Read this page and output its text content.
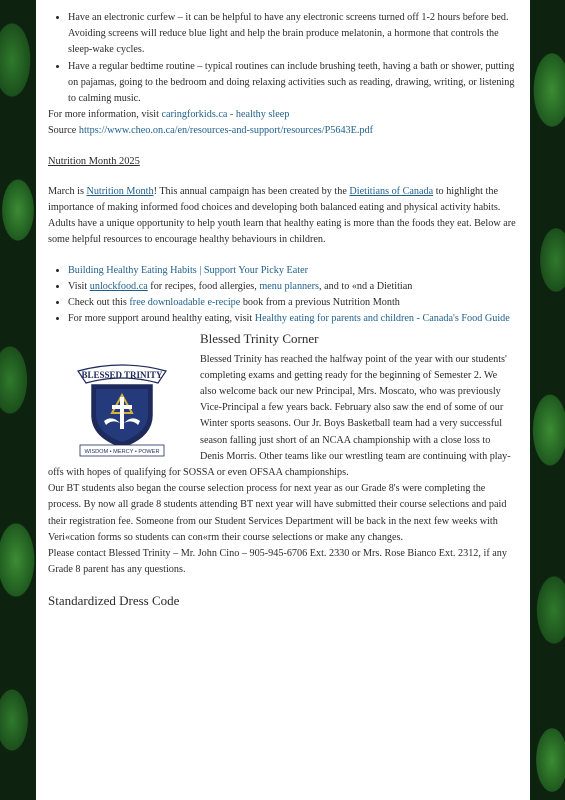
• Have an electronic curfew – it can be helpful to have any electronic screens turned off 1-2 hours before bed. Avoiding screens will reduce blue light and help the brain produce melatonin, a hormone that controls the sleep-wake cycles.
• Have a regular bedtime routine – typical routines can include brushing teeth, having a bath or shower, putting on pajamas, going to the bedroom and doing relaxing activities such as reading, drawing, writing, or listening to calming music.

For more information, visit caringforkids.ca - healthy sleep

Source https://www.cheo.on.ca/en/resources-and-support/resources/P5643E.pdf

Nutrition Month 2025

March is Nutrition Month! This annual campaign has been created by the Dietitians of Canada to highlight the importance of making informed food choices and developing both balanced eating and physical activity habits. Adults have a unique opportunity to help youth learn that healthy eating is more than the foods they eat. Below are some helpful resources to encourage healthy behaviours in children.

• Building Healthy Eating Habits | Support Your Picky Eater
• Visit unlockfood.ca for recipes, food allergies, menu planners, and to «nd a Dietitian
• Check out this free downloadable e-recipe book from a previous Nutrition Month
• For more support around healthy eating, visit Healthy eating for parents and children - Canada's Food Guide
BLESSED TRINITY
WISDOM • MERCY • POWER

Blessed Trinity Corner

Blessed Trinity has reached the halfway point of the year with our students' completing exams and getting ready for the beginning of Semester 2. We also welcome back our new Principal, Mrs. Moscato, who was previously Vice-Principal a few years back. February also saw the end of some of our Winter sports seasons. Our Jr. Boys Basketball team had a very successful season falling just short of an NCAA championship with a close loss to Denis Morris. Other teams like our wrestling team are continuing with play-offs with hopes of qualifying for SOSSA or even OFSAA championships.

Our BT students also began the course selection process for next year as our Grade 8's were completing the process. By now all grade 8 students attending BT next year will have submitted their course selections and paid their registration fee. Someone from our Student Services Department will be back in the next few weeks with Veri«cation forms so students can con«rm their course selections or make any changes.

Please contact Blessed Trinity – Mr. John Cino – 905-945-6706 Ext. 2330 or Mrs. Rose Bianco Ext. 2312, if any Grade 8 parent has any questions.

Standardized Dress Code
